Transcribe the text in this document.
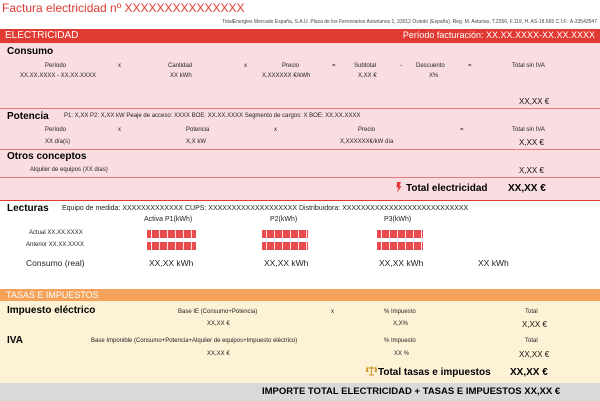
Factura electricidad nº XXXXXXXXXXXXXXX
TotalEnergies Mercado España, S.A.U. Plaza de los Ferroviarios Asturianos 1, 33012 Oviedo (España). Reg. M. Asturias, T.2356, F.119, H. AS-18.665 C.I.F.: A-33543547
ELECTRICIDAD	Período facturación: XX.XX.XXXX-XX.XX.XXXX
Consumo
Período	x	Cantidad	x	Precio	=	Subtotal	- Descuento	=	Total sin IVA
XX.XX.XXXX - XX.XX.XXXX	XX kWh	X,XXXXXX €/kWh	X,XX €	X%
XX,XX €
Potencia	P1: X,XX P2: X,XX kW Peaje de acceso: XXXX BOE: XX.XX.XXXX Segmento de cargos: X BOE: XX.XX.XXXX
Período	x	Potencia	x	Precio	=	Total sin IVA
XX día(s)	X,X kW	X,XXXXXX€/kW día	X,XX €
Otros conceptos
Alquiler de equipos (XX días)	X,XX €
Total electricidad XX,XX €
Lecturas Equipo de medida: XXXXXXXXXXXXX CUPS: XXXXXXXXXXXXXXXXXXX Distribuidora: XXXXXXXXXXXXXXXXXXXXXXXXXXX
Activa P1(kWh)	P2(kWh)	P3(kWh)
Actual XX.XX.XXXX
Anterior XX.XX.XXXX
Consumo (real)	XX,XX kWh	XX,XX kWh	XX,XX kWh	XX kWh
TASAS E IMPUESTOS
Impuesto eléctrico	Base IE (Consumo+Potencia)	x	% Impuesto	Total
XX,XX €	X,X%	X,XX €
IVA	Base Imponible (Consumo+Potencia+Alquiler de equipos+Impuesto eléctrico)	% Impuesto	Total
XX,XX €	XX %	XX,XX €
Total tasas e impuestos XX,XX €
IMPORTE TOTAL ELECTRICIDAD + TASAS E IMPUESTOS XX,XX €
